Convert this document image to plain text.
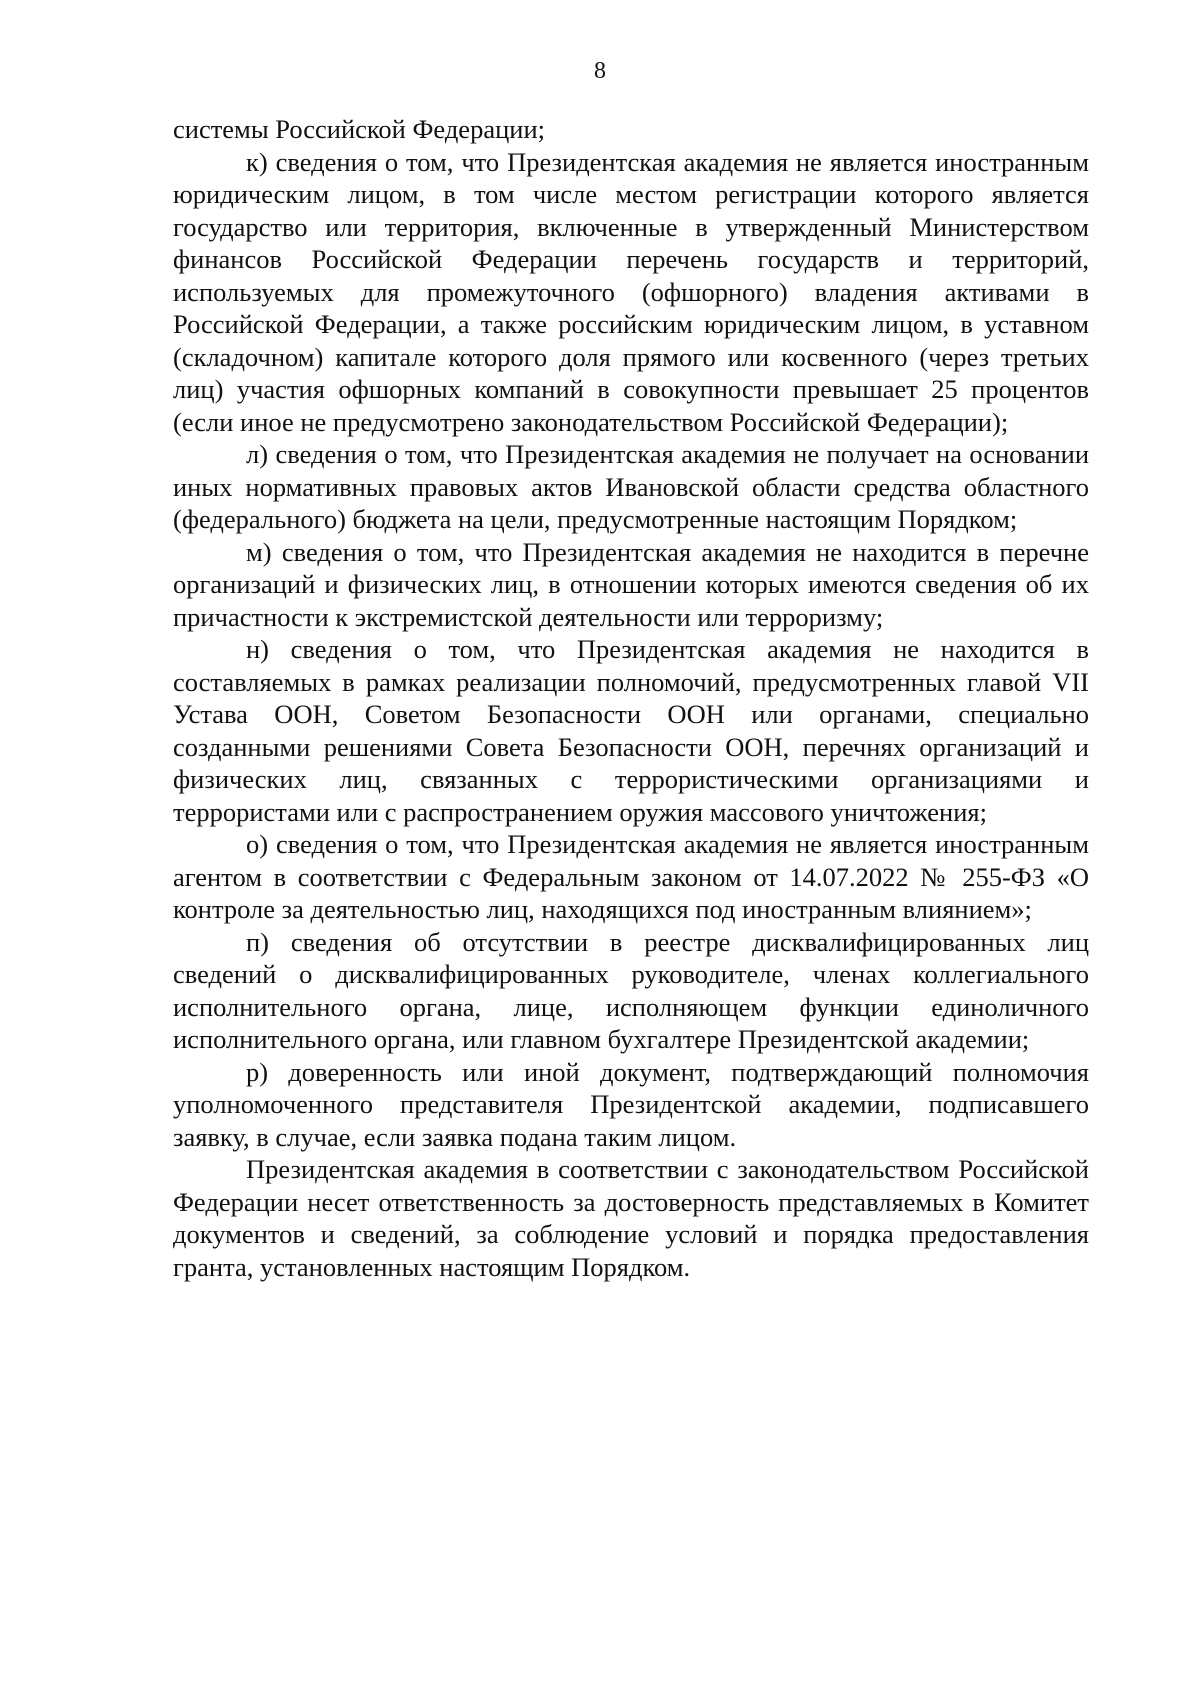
8

системы Российской Федерации;

к) сведения о том, что Президентская академия не является иностранным юридическим лицом, в том числе местом регистрации которого является государство или территория, включенные в утвержденный Министерством финансов Российской Федерации перечень государств и территорий, используемых для промежуточного (офшорного) владения активами в Российской Федерации, а также российским юридическим лицом, в уставном (складочном) капитале которого доля прямого или косвенного (через третьих лиц) участия офшорных компаний в совокупности превышает 25 процентов (если иное не предусмотрено законодательством Российской Федерации);

л) сведения о том, что Президентская академия не получает на основании иных нормативных правовых актов Ивановской области средства областного (федерального) бюджета на цели, предусмотренные настоящим Порядком;

м) сведения о том, что Президентская академия не находится в перечне организаций и физических лиц, в отношении которых имеются сведения об их причастности к экстремистской деятельности или терроризму;

н) сведения о том, что Президентская академия не находится в составляемых в рамках реализации полномочий, предусмотренных главой VII Устава ООН, Советом Безопасности ООН или органами, специально созданными решениями Совета Безопасности ООН, перечнях организаций и физических лиц, связанных с террористическими организациями и террористами или с распространением оружия массового уничтожения;

о) сведения о том, что Президентская академия не является иностранным агентом в соответствии с Федеральным законом от 14.07.2022 № 255-ФЗ «О контроле за деятельностью лиц, находящихся под иностранным влиянием»;

п) сведения об отсутствии в реестре дисквалифицированных лиц сведений о дисквалифицированных руководителе, членах коллегиального исполнительного органа, лице, исполняющем функции единоличного исполнительного органа, или главном бухгалтере Президентской академии;

р) доверенность или иной документ, подтверждающий полномочия уполномоченного представителя Президентской академии, подписавшего заявку, в случае, если заявка подана таким лицом.

Президентская академия в соответствии с законодательством Российской Федерации несет ответственность за достоверность представляемых в Комитет документов и сведений, за соблюдение условий и порядка предоставления гранта, установленных настоящим Порядком.
